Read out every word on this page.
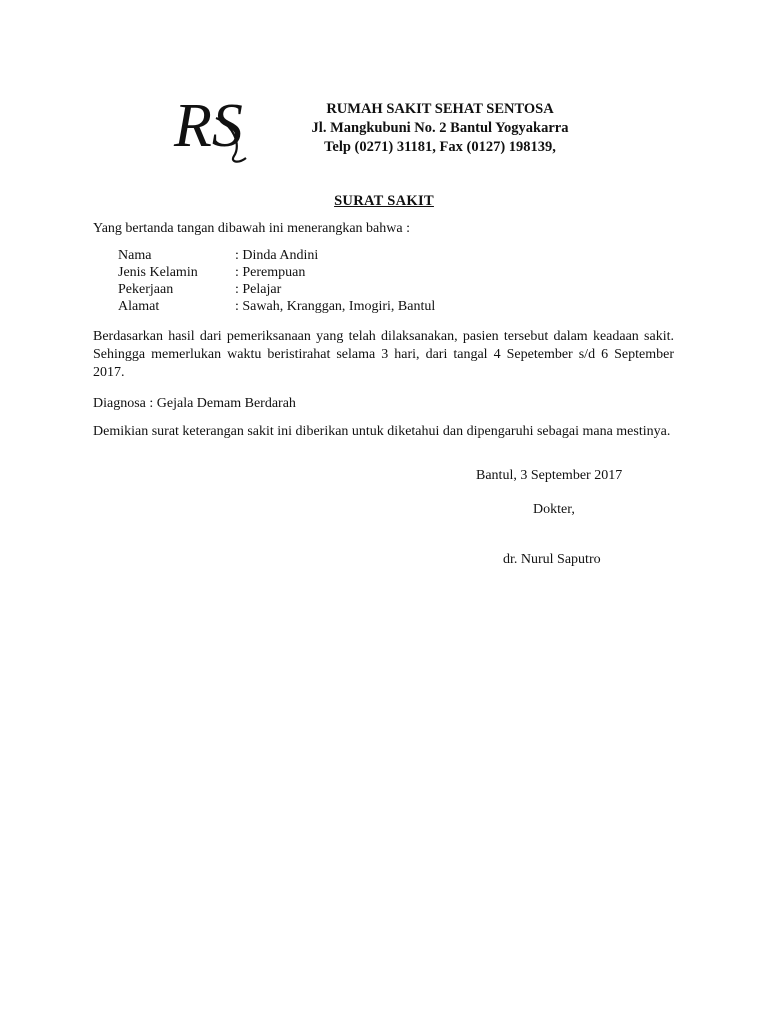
RS	RUMAH SAKIT SEHAT SENTOSA
Jl. Mangkubuni No. 2 Bantul Yogyakarra
Telp (0271) 31181, Fax (0127) 198139,
SURAT SAKIT
Yang bertanda tangan dibawah ini menerangkan bahwa :
Nama	: Dinda Andini
Jenis Kelamin	: Perempuan
Pekerjaan	: Pelajar
Alamat	: Sawah, Kranggan, Imogiri, Bantul
Berdasarkan hasil dari pemeriksanaan yang telah dilaksanakan, pasien tersebut dalam keadaan sakit. Sehingga memerlukan waktu beristirahat selama 3 hari, dari tangal 4 Sepetember s/d 6 September 2017.
Diagnosa : Gejala Demam Berdarah
Demikian surat keterangan sakit ini diberikan untuk diketahui dan dipengaruhi sebagai mana mestinya.
Bantul, 3 September 2017
Dokter,
dr. Nurul Saputro
